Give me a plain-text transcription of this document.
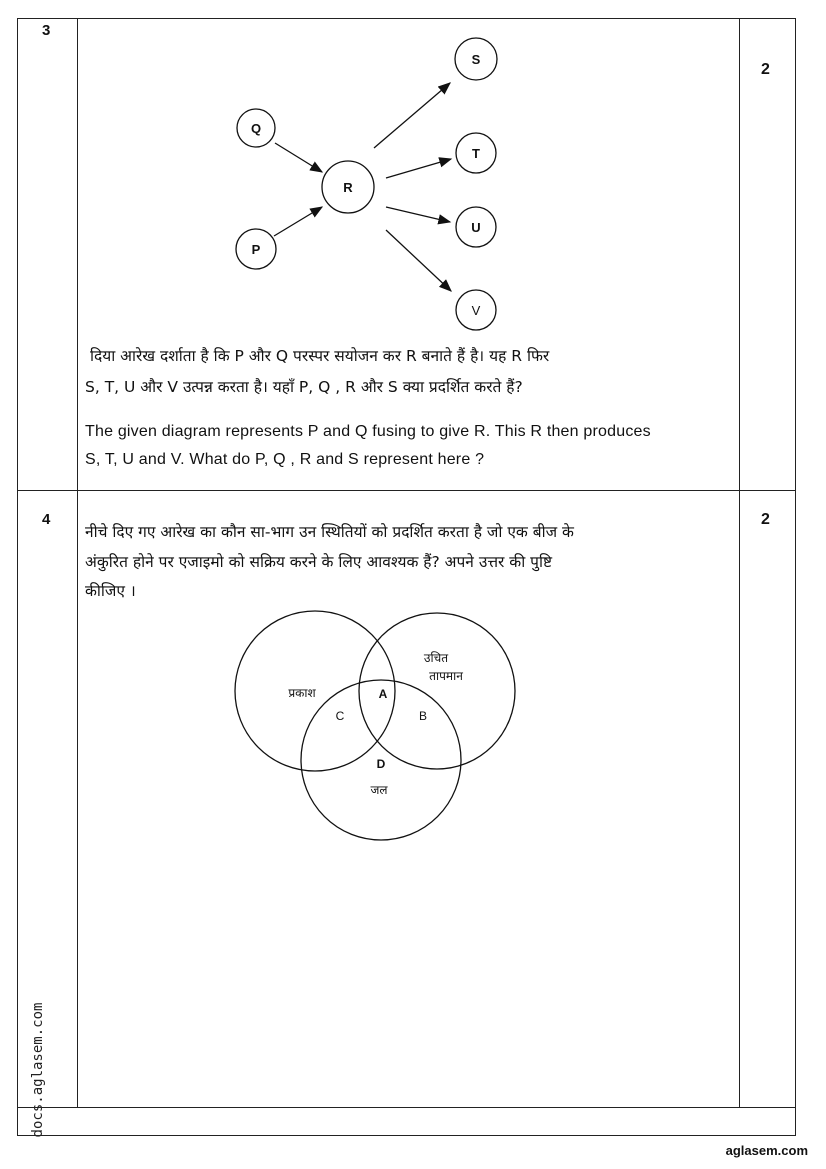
3
2
Q
P
R
S
T
U
V
दिया आरेख दर्शाता है कि P और Q परस्पर सयोजन कर R बनाते हैं है। यह R फिर
S, T, U और V उत्पन्न करता है। यहाँ P, Q , R और S क्या प्रदर्शित करते हैं?
The given diagram represents P and Q fusing to give R. This R then produces
S, T, U and V. What do P, Q , R and S represent here ?
4	2
नीचे दिए गए आरेख का कौन सा-भाग उन स्थितियों को प्रदर्शित करता है जो एक बीज के
अंकुरित होने पर एजाइमो को सक्रिय करने के लिए आवश्यक हैं? अपने उत्तर की पुष्टि
कीजिए ।
प्रकाश
उचित
तापमान
जल
A
C	B
D
docs.aglasem.com
aglasem.com
